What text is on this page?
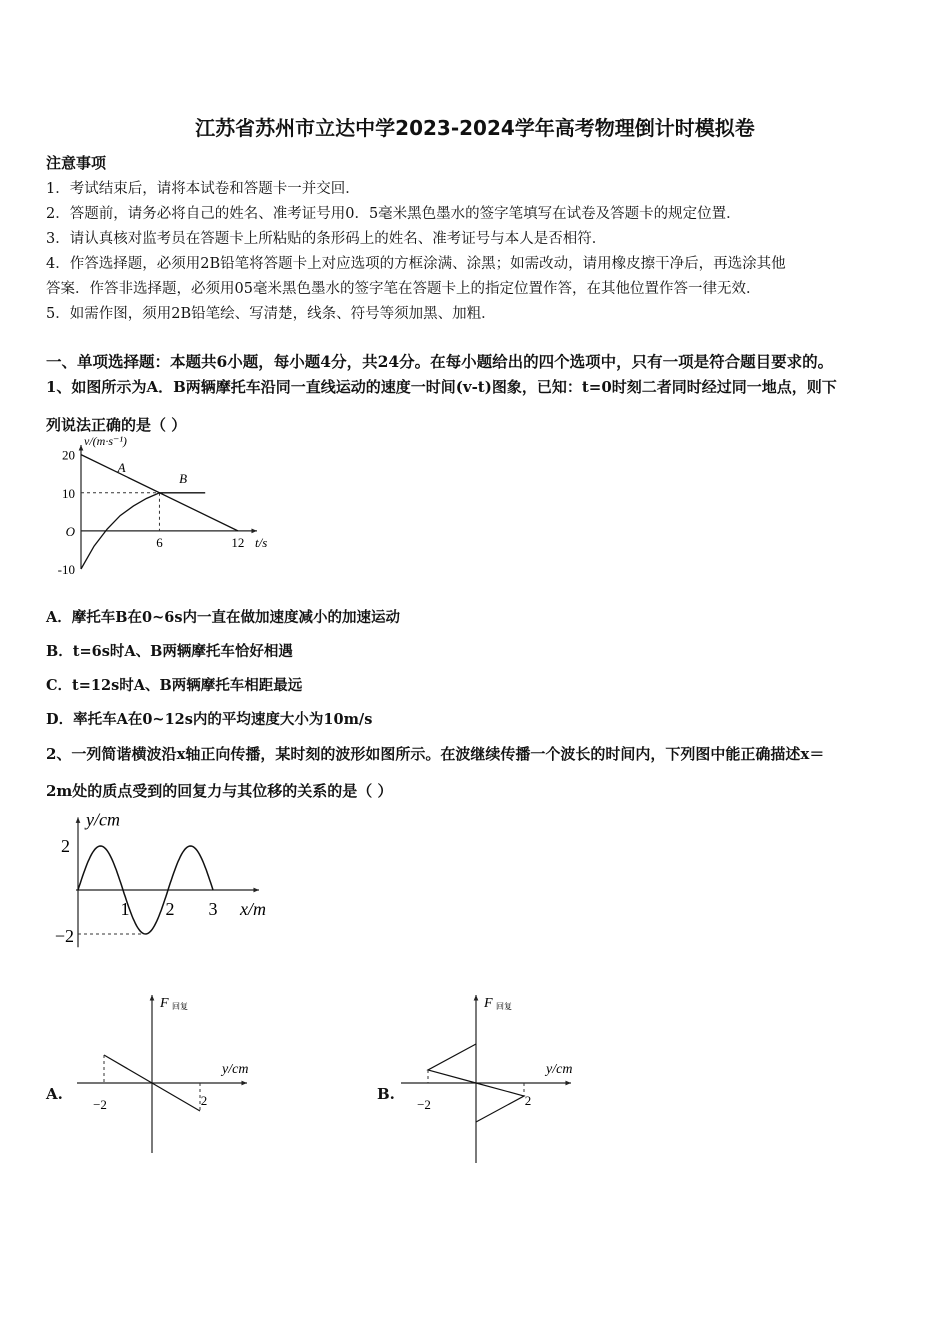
江苏省苏州市立达中学2023-2024学年高考物理倒计时模拟卷
注意事项
1．考试结束后，请将本试卷和答题卡一并交回．
2．答题前，请务必将自己的姓名、准考证号用0．5毫米黑色墨水的签字笔填写在试卷及答题卡的规定位置．
3．请认真核对监考员在答题卡上所粘贴的条形码上的姓名、准考证号与本人是否相符．
4．作答选择题，必须用2B铅笔将答题卡上对应选项的方框涂满、涂黑；如需改动，请用橡皮擦干净后，再选涂其他
答案．作答非选择题，必须用05毫米黑色墨水的签字笔在答题卡上的指定位置作答，在其他位置作答一律无效．
5．如需作图，须用2B铅笔绘、写清楚，线条、符号等须加黑、加粗．
一、单项选择题：本题共6小题，每小题4分，共24分。在每小题给出的四个选项中，只有一项是符合题目要求的。
1、如图所示为A．B两辆摩托车沿同一直线运动的速度一时间(v-t)图象，已知：t=0时刻二者同时经过同一地点，则下
列说法正确的是（ ）
20
10
O
-10
6	12
v/(m·s⁻¹)
t/s
A
B
A．摩托车B在0~6s内一直在做加速度减小的加速运动
B．t=6s时A、B两辆摩托车恰好相遇
C．t=12s时A、B两辆摩托车相距最远
D．率托车A在0~12s内的平均速度大小为10m/s
2、一列简谐横波沿x轴正向传播，某时刻的波形如图所示。在波继续传播一个波长的时间内，下列图中能正确描述x＝
2m处的质点受到的回复力与其位移的关系的是（ ）
2
−2
1 2 3
y/cm
x/m
A.
−2	2
F 回复
y/cm
B.
−2	2
F 回复
y/cm
